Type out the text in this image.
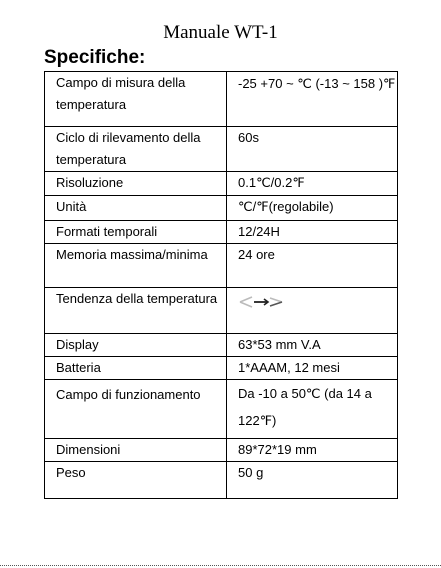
Manuale WT-1
Specifiche:
Campo di misura della temperatura	-25 +70 ~ ℃ (-13 ~ 158 )℉
Ciclo di rilevamento della temperatura	60s
Risoluzione	0.1℃/0.2℉
Unità	℃/℉(regolabile)
Formati temporali	12/24H
Memoria massima/minima	24 ore
Tendenza della temperatura	
Display	63*53 mm V.A
Batteria	1*AAAM, 12 mesi
Campo di funzionamento	Da -10 a 50℃ (da 14 a 122℉)
Dimensioni	89*72*19 mm
Peso	50 g
